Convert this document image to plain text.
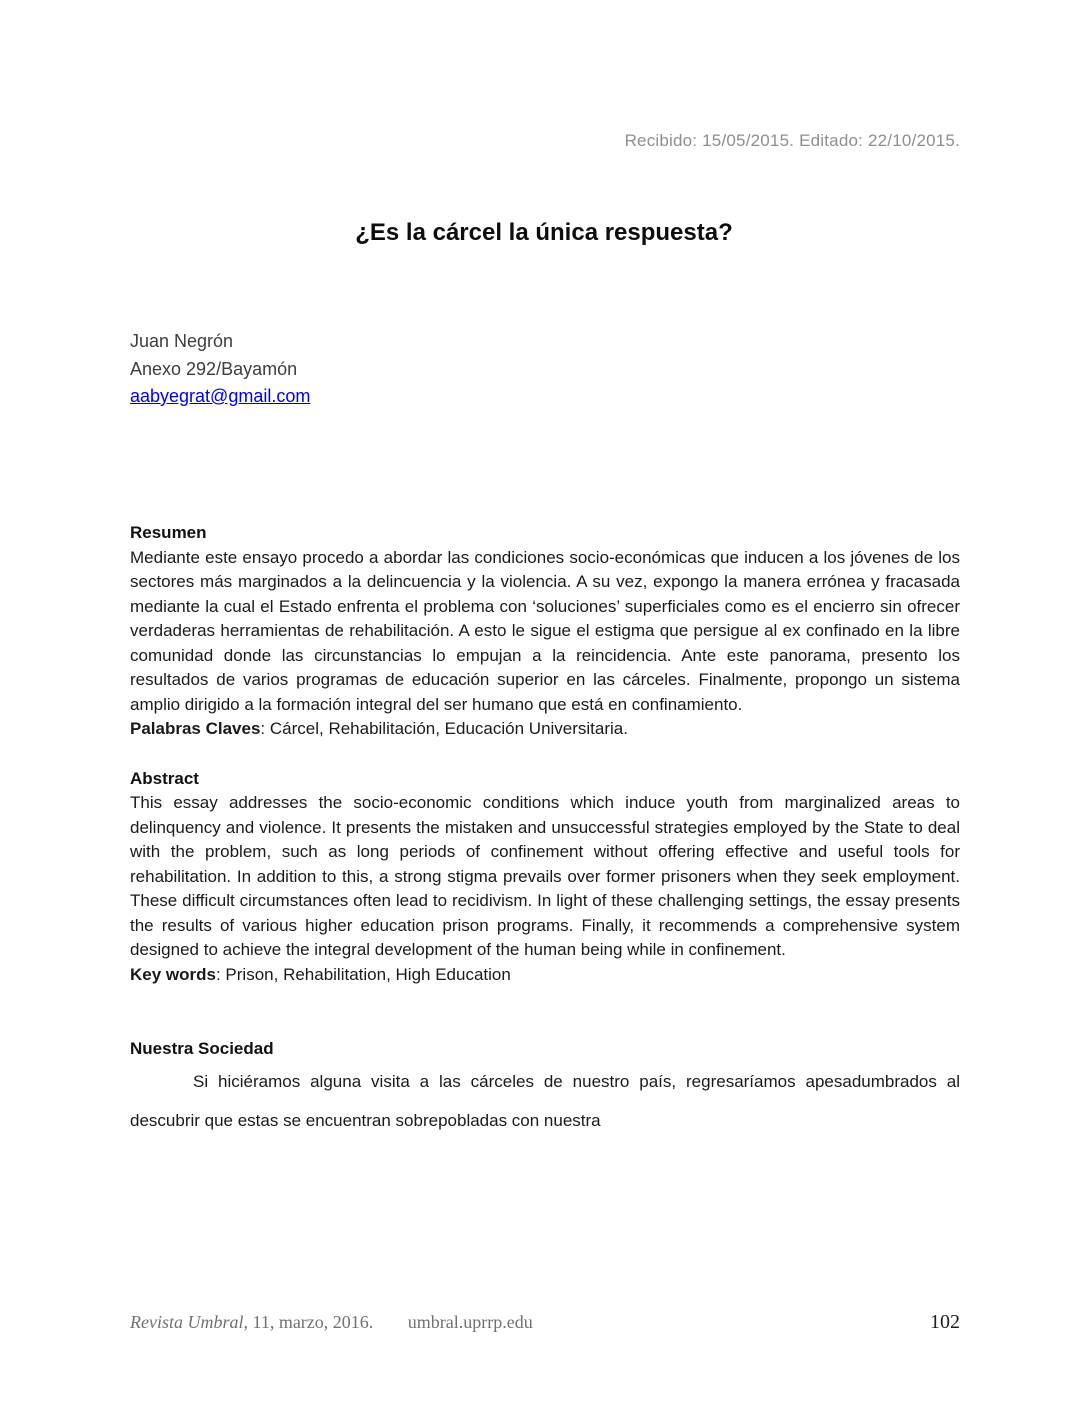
Recibido: 15/05/2015. Editado: 22/10/2015.
¿Es la cárcel la única respuesta?
Juan Negrón
Anexo 292/Bayamón
aabyegrat@gmail.com
Resumen

Mediante este ensayo procedo a abordar las condiciones socio-económicas que inducen a los jóvenes de los sectores más marginados a la delincuencia y la violencia. A su vez, expongo la manera errónea y fracasada mediante la cual el Estado enfrenta el problema con ‘soluciones’ superficiales como es el encierro sin ofrecer verdaderas herramientas de rehabilitación. A esto le sigue el estigma que persigue al ex confinado en la libre comunidad donde las circunstancias lo empujan a la reincidencia. Ante este panorama, presento los resultados de varios programas de educación superior en las cárceles. Finalmente, propongo un sistema amplio dirigido a la formación integral del ser humano que está en confinamiento.

Palabras Claves: Cárcel, Rehabilitación, Educación Universitaria.

Abstract

This essay addresses the socio-economic conditions which induce youth from marginalized areas to delinquency and violence. It presents the mistaken and unsuccessful strategies employed by the State to deal with the problem, such as long periods of confinement without offering effective and useful tools for rehabilitation. In addition to this, a strong stigma prevails over former prisoners when they seek employment. These difficult circumstances often lead to recidivism. In light of these challenging settings, the essay presents the results of various higher education prison programs. Finally, it recommends a comprehensive system designed to achieve the integral development of the human being while in confinement.

Key words: Prison, Rehabilitation, High Education

Nuestra Sociedad

Si hiciéramos alguna visita a las cárceles de nuestro país, regresaríamos apesadumbrados al descubrir que estas se encuentran sobrepobladas con nuestra

Revista Umbral, 11, marzo, 2016. umbral.uprrp.edu	102
